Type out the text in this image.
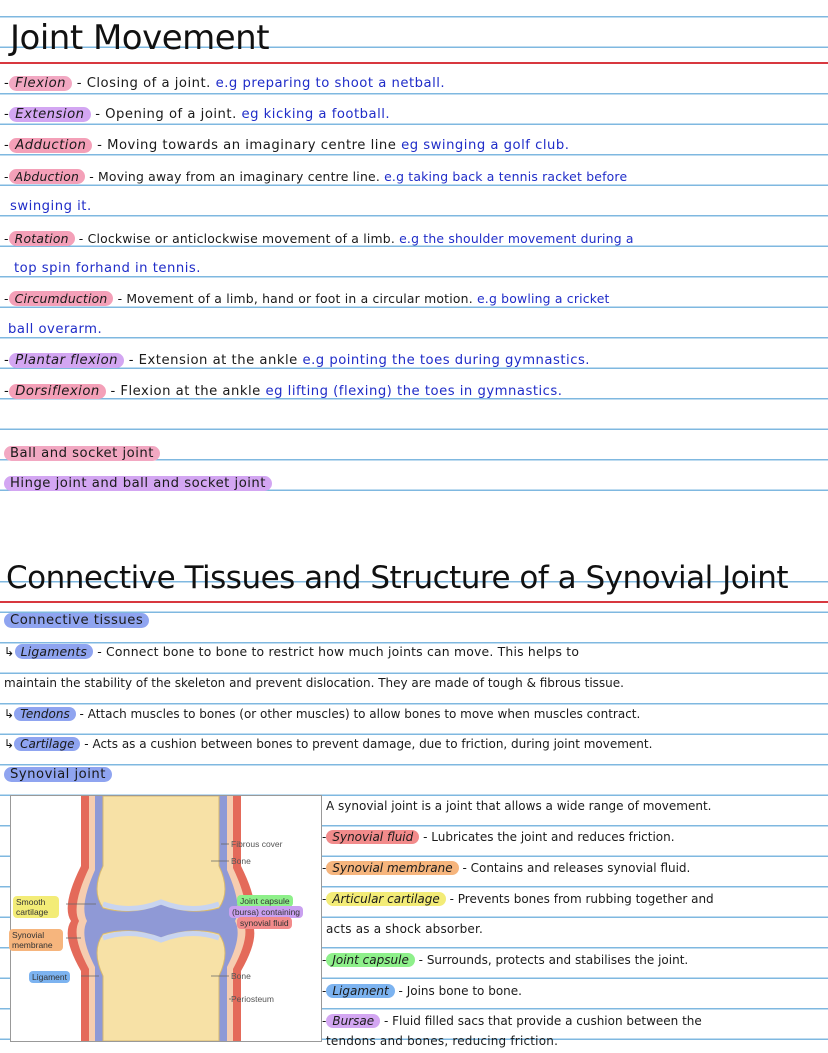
Joint Movement
- Flexion - Closing of a joint. e.g preparing to shoot a netball.
- Extension - Opening of a joint. eg kicking a football.
- Adduction - Moving towards an imaginary centre line eg swinging a golf club.
- Abduction - Moving away from an imaginary centre line. e.g taking back a tennis racket before
swinging it.
- Rotation - Clockwise or anticlockwise movement of a limb. e.g the shoulder movement during a
top spin forhand in tennis.
- Circumduction - Movement of a limb, hand or foot in a circular motion. e.g bowling a cricket
ball overarm.
- Plantar flexion - Extension at the ankle e.g pointing the toes during gymnastics.
- Dorsiflexion - Flexion at the ankle eg lifting (flexing) the toes in gymnastics.
Ball and socket joint
Hinge joint and ball and socket joint
Connective Tissues and Structure of a Synovial Joint
Connective tissues
↳ Ligaments - Connect bone to bone to restrict how much joints can move. This helps to
maintain the stability of the skeleton and prevent dislocation. They are made of tough & fibrous tissue.
↳ Tendons - Attach muscles to bones (or other muscles) to allow bones to move when muscles contract.
↳ Cartilage - Acts as a cushion between bones to prevent damage, due to friction, during joint movement.
Synovial joint
A synovial joint is a joint that allows a wide range of movement.
- Synovial fluid - Lubricates the joint and reduces friction.
- Synovial membrane - Contains and releases synovial fluid.
- Articular cartilage - Prevents bones from rubbing together and
acts as a shock absorber.
- Joint capsule - Surrounds, protects and stabilises the joint.
- Ligament - Joins bone to bone.
- Bursae - Fluid filled sacs that provide a cushion between the
tendons and bones, reducing friction.
Fibrous cover
Bone
Smooth cartilage
Synovial membrane
Joint capsule
(bursa) containing
synovial fluid
Ligament	Bone
Periosteum
